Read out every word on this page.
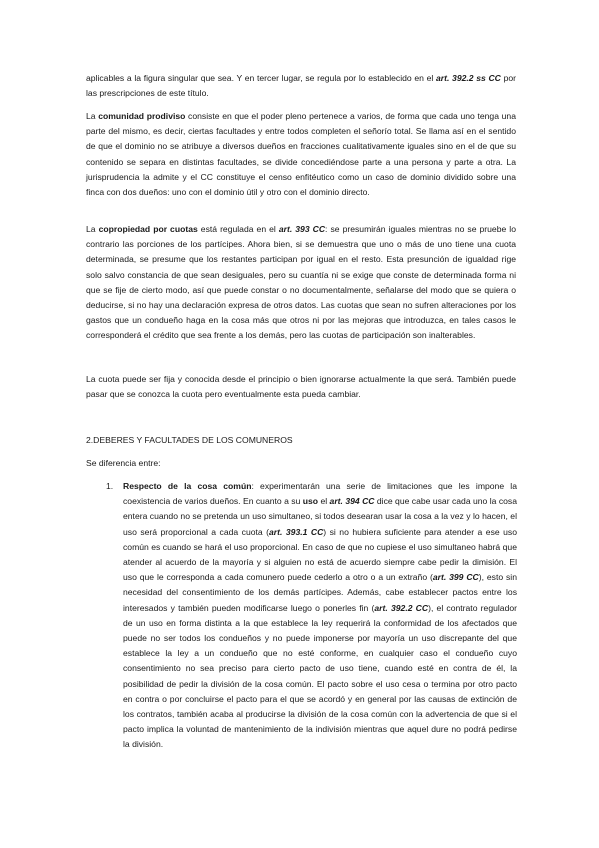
aplicables a la figura singular que sea. Y en tercer lugar, se regula por lo establecido en el art. 392.2 ss CC por las prescripciones de este título.

La comunidad prodiviso consiste en que el poder pleno pertenece a varios, de forma que cada uno tenga una parte del mismo, es decir, ciertas facultades y entre todos completen el señorío total. Se llama así en el sentido de que el dominio no se atribuye a diversos dueños en fracciones cualitativamente iguales sino en el de que su contenido se separa en distintas facultades, se divide concediéndose parte a una persona y parte a otra. La jurisprudencia la admite y el CC constituye el censo enfitéutico como un caso de dominio dividido sobre una finca con dos dueños: uno con el dominio útil y otro con el dominio directo.

La copropiedad por cuotas está regulada en el art. 393 CC: se presumirán iguales mientras no se pruebe lo contrario las porciones de los partícipes. Ahora bien, si se demuestra que uno o más de uno tiene una cuota determinada, se presume que los restantes participan por igual en el resto. Esta presunción de igualdad rige solo salvo constancia de que sean desiguales, pero su cuantía ni se exige que conste de determinada forma ni que se fije de cierto modo, así que puede constar o no documentalmente, señalarse del modo que se quiera o deducirse, si no hay una declaración expresa de otros datos. Las cuotas que sean no sufren alteraciones por los gastos que un condueño haga en la cosa más que otros ni por las mejoras que introduzca, en tales casos le corresponderá el crédito que sea frente a los demás, pero las cuotas de participación son inalterables.

La cuota puede ser fija y conocida desde el principio o bien ignorarse actualmente la que será. También puede pasar que se conozca la cuota pero eventualmente esta pueda cambiar.

2.DEBERES Y FACULTADES DE LOS COMUNEROS

Se diferencia entre:

1.	Respecto de la cosa común: experimentarán una serie de limitaciones que les impone la coexistencia de varios dueños. En cuanto a su uso el art. 394 CC dice que cabe usar cada uno la cosa entera cuando no se pretenda un uso simultaneo, si todos desearan usar la cosa a la vez y lo hacen, el uso será proporcional a cada cuota (art. 393.1 CC) si no hubiera suficiente para atender a ese uso común es cuando se hará el uso proporcional. En caso de que no cupiese el uso simultaneo habrá que atender al acuerdo de la mayoría y si alguien no está de acuerdo siempre cabe pedir la dimisión. El uso que le corresponda a cada comunero puede cederlo a otro o a un extraño (art. 399 CC), esto sin necesidad del consentimiento de los demás partícipes. Además, cabe establecer pactos entre los interesados y también pueden modificarse luego o ponerles fin (art. 392.2 CC), el contrato regulador de un uso en forma distinta a la que establece la ley requerirá la conformidad de los afectados que puede no ser todos los condueños y no puede imponerse por mayoría un uso discrepante del que establece la ley a un condueño que no esté conforme, en cualquier caso el condueño cuyo consentimiento no sea preciso para cierto pacto de uso tiene, cuando esté en contra de él, la posibilidad de pedir la división de la cosa común. El pacto sobre el uso cesa o termina por otro pacto en contra o por concluirse el pacto para el que se acordó y en general por las causas de extinción de los contratos, también acaba al producirse la división de la cosa común con la advertencia de que si el pacto implica la voluntad de mantenimiento de la indivisión mientras que aquel dure no podrá pedirse la división.
